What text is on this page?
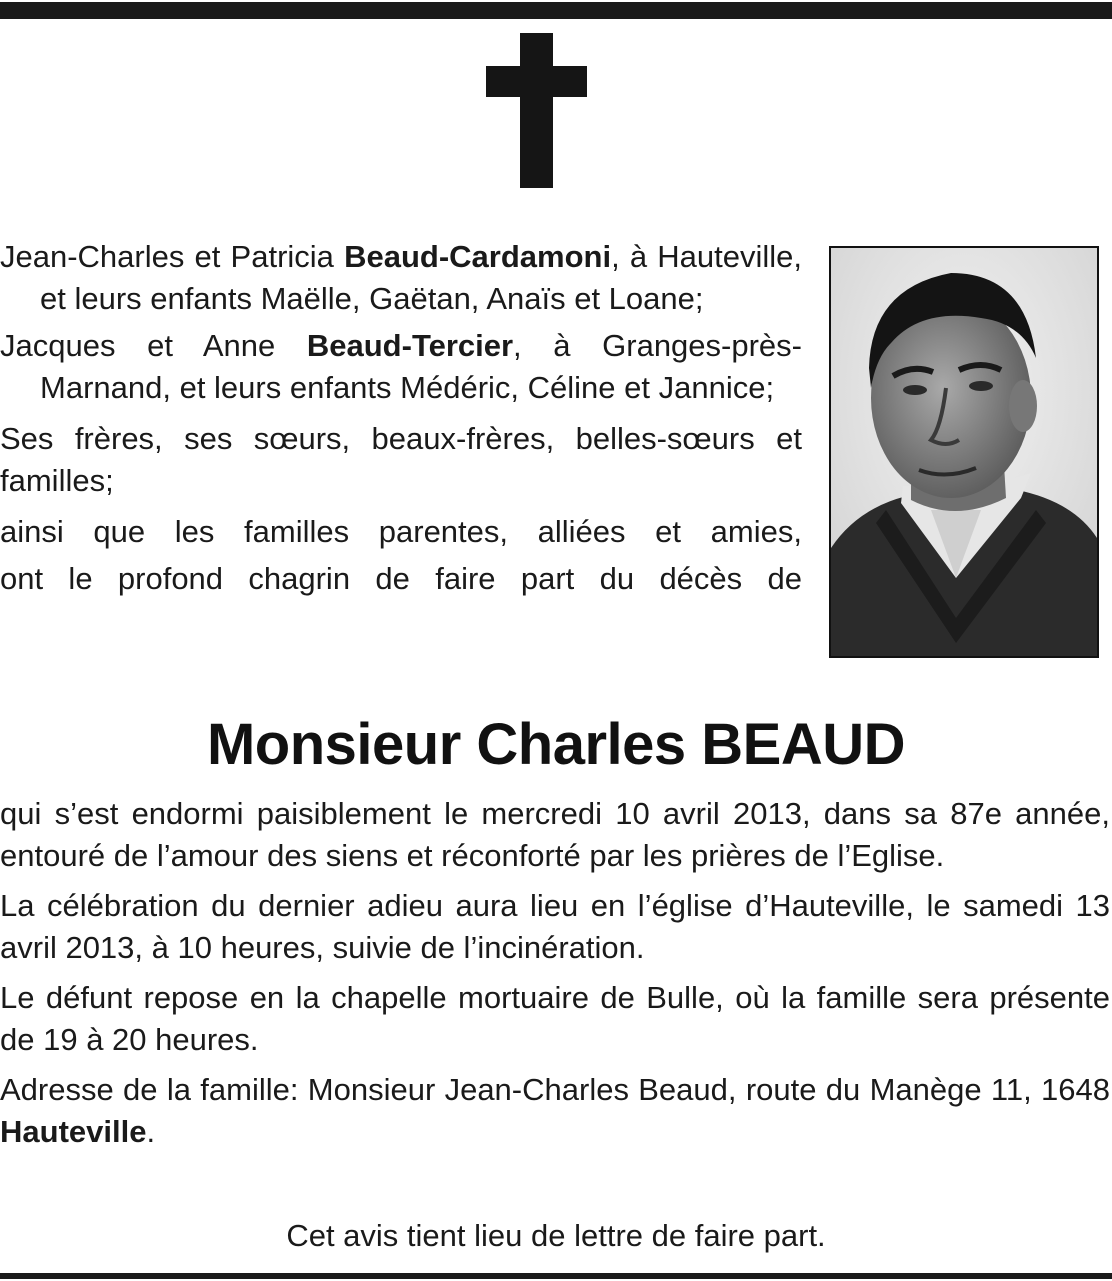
Jean-Charles et Patricia Beaud-Cardamoni, à Hauteville, et leurs enfants Maëlle, Gaëtan, Anaïs et Loane;

Jacques et Anne Beaud-Tercier, à Granges-près-Marnand, et leurs enfants Médéric, Céline et Jannice;

Ses frères, ses sœurs, beaux-frères, belles-sœurs et familles;

ainsi que les familles parentes, alliées et amies,

ont le profond chagrin de faire part du décès de

Monsieur Charles BEAUD

qui s’est endormi paisiblement le mercredi 10 avril 2013, dans sa 87e année, entouré de l’amour des siens et réconforté par les prières de l’Eglise.

La célébration du dernier adieu aura lieu en l’église d’Hauteville, le samedi 13 avril 2013, à 10 heures, suivie de l’incinération.

Le défunt repose en la chapelle mortuaire de Bulle, où la famille sera présente de 19 à 20 heures.

Adresse de la famille: Monsieur Jean-Charles Beaud, route du Manège 11, 1648 Hauteville.

Cet avis tient lieu de lettre de faire part.
